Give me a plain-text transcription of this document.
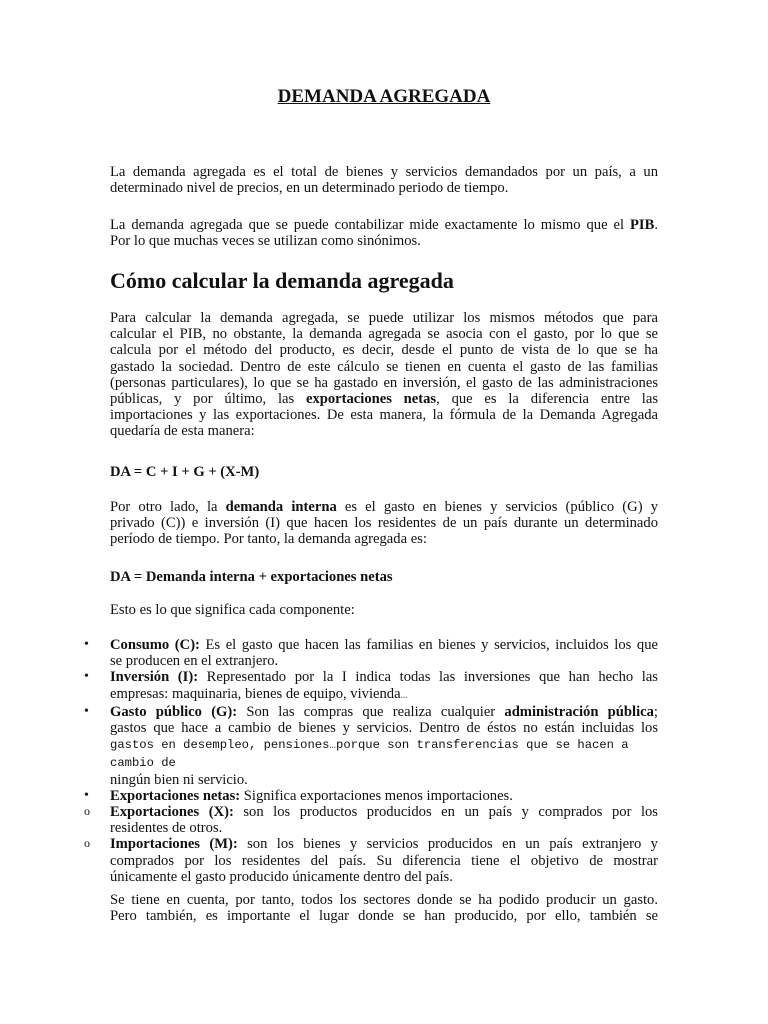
DEMANDA AGREGADA
La demanda agregada es el total de bienes y servicios demandados por un país, a un
determinado nivel de precios, en un determinado periodo de tiempo.
La demanda agregada que se puede contabilizar mide exactamente lo mismo que el PIB.
Por lo que muchas veces se utilizan como sinónimos.
Cómo calcular la demanda agregada
Para calcular la demanda agregada, se puede utilizar los mismos métodos que para
calcular el PIB, no obstante, la demanda agregada se asocia con el gasto, por lo que se
calcula por el método del producto, es decir, desde el punto de vista de lo que se ha
gastado la sociedad. Dentro de este cálculo se tienen en cuenta el gasto de las familias
(personas particulares), lo que se ha gastado en inversión, el gasto de las administraciones
públicas, y por último, las exportaciones netas, que es la diferencia entre las
importaciones y las exportaciones. De esta manera, la fórmula de la Demanda Agregada
quedaría de esta manera:
DA = C + I + G + (X-M)
Por otro lado, la demanda interna es el gasto en bienes y servicios (público (G) y
privado (C)) e inversión (I) que hacen los residentes de un país durante un determinado
período de tiempo. Por tanto, la demanda agregada es:
DA = Demanda interna + exportaciones netas
Esto es lo que significa cada componente:
• Consumo (C): Es el gasto que hacen las familias en bienes y servicios, incluidos los que
se producen en el extranjero.
• Inversión (I): Representado por la I indica todas las inversiones que han hecho las
empresas: maquinaria, bienes de equipo, vivienda…
• Gasto público (G): Son las compras que realiza cualquier administración pública;
gastos que hace a cambio de bienes y servicios. Dentro de éstos no están incluidas los
gastos en desempleo, pensiones…porque son transferencias que se hacen a cambio de
ningún bien ni servicio.
• Exportaciones netas: Significa exportaciones menos importaciones.
o Exportaciones (X): son los productos producidos en un país y comprados por los
residentes de otros.
o Importaciones (M): son los bienes y servicios producidos en un país extranjero y
comprados por los residentes del país. Su diferencia tiene el objetivo de mostrar
únicamente el gasto producido únicamente dentro del país.
Se tiene en cuenta, por tanto, todos los sectores donde se ha podido producir un gasto.
Pero también, es importante el lugar donde se han producido, por ello, también se
